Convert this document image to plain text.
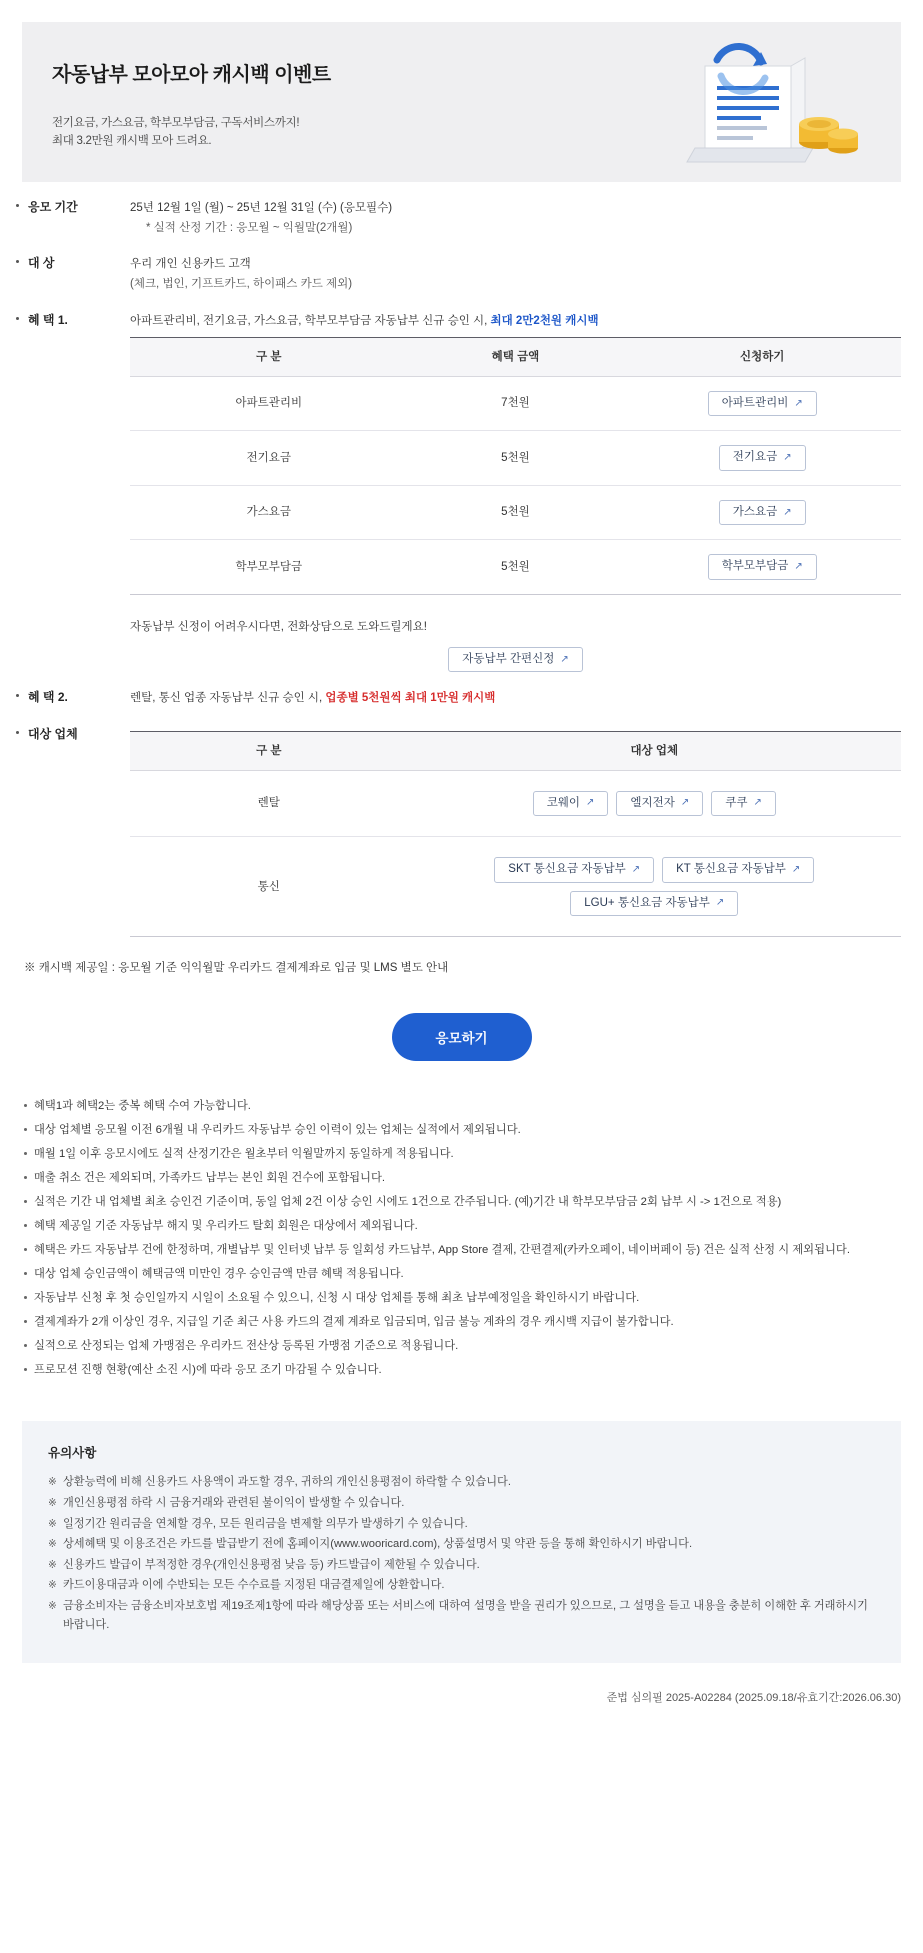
자동납부 모아모아 캐시백 이벤트
전기요금, 가스요금, 학부모부담금, 구독서비스까지!
최대 3.2만원 캐시백 모아 드려요.
응모 기간	25년 12월 1일 (월) ~ 25년 12월 31일 (수) (응모필수)
* 실적 산정 기간 : 응모월 ~ 익월말(2개월)
대 상	우리 개인 신용카드 고객
(체크, 법인, 기프트카드, 하이패스 카드 제외)
혜 택 1.	아파트관리비, 전기요금, 가스요금, 학부모부담금 자동납부 신규 승인 시, 최대 2만2천원 캐시백
구 분	혜택 금액	신청하기
아파트관리비	7천원	아파트관리비 ↗

전기요금	5천원	전기요금 ↗

가스요금	5천원	가스요금 ↗

학부모부담금	5천원	학부모부담금 ↗
자동납부 신정이 어려우시다면, 전화상담으로 도와드릴게요!
자동납부 간편신정 ↗
혜 택 2.	렌탈, 통신 업종 자동납부 신규 승인 시, 업종별 5천원씩 최대 1만원 캐시백
대상 업체
구 분	대상 업체
렌탈	코웨이 ↗	엘지전자 ↗	쿠쿠 ↗

통신	
SKT 통신요금 자동납부 ↗	KT 통신요금 자동납부 ↗
LGU+ 통신요금 자동납부 ↗
※ 캐시백 제공일 : 응모월 기준 익익월말 우리카드 결제계좌로 입금 및 LMS 별도 안내
응모하기
혜택1과 혜택2는 중복 혜택 수여 가능합니다.
대상 업체별 응모월 이전 6개월 내 우리카드 자동납부 승인 이력이 있는 업체는 실적에서 제외됩니다.
매월 1일 이후 응모시에도 실적 산정기간은 월초부터 익월말까지 동일하게 적용됩니다.
매출 취소 건은 제외되며, 가족카드 납부는 본인 회원 건수에 포함됩니다.
실적은 기간 내 업체별 최초 승인건 기준이며, 동일 업체 2건 이상 승인 시에도 1건으로 간주됩니다. (예)기간 내 학부모부담금 2회 납부 시 -> 1건으로 적용)
혜택 제공일 기준 자동납부 해지 및 우리카드 탈회 회원은 대상에서 제외됩니다.
혜택은 카드 자동납부 건에 한정하며, 개별납부 및 인터넷 납부 등 일회성 카드납부, App Store 결제, 간편결제(카카오페이, 네이버페이 등) 건은 실적 산정 시 제외됩니다.
대상 업체 승인금액이 혜택금액 미만인 경우 승인금액 만큼 혜택 적용됩니다.
자동납부 신청 후 첫 승인일까지 시일이 소요될 수 있으니, 신청 시 대상 업체를 통해 최초 납부예정일을 확인하시기 바랍니다.
결제계좌가 2개 이상인 경우, 지급일 기준 최근 사용 카드의 결제 계좌로 입금되며, 입금 불능 계좌의 경우 캐시백 지급이 불가합니다.
실적으로 산정되는 업체 가맹점은 우리카드 전산상 등록된 가맹점 기준으로 적용됩니다.
프로모션 진행 현황(예산 소진 시)에 따라 응모 조기 마감될 수 있습니다.
유의사항
※ 상환능력에 비해 신용카드 사용액이 과도할 경우, 귀하의 개인신용평점이 하락할 수 있습니다.
※ 개인신용평점 하락 시 금융거래와 관련된 불이익이 발생할 수 있습니다.
※ 일정기간 원리금을 연체할 경우, 모든 원리금을 변제할 의무가 발생하기 수 있습니다.
※ 상세혜택 및 이용조건은 카드를 발급받기 전에 홈페이지(www.wooricard.com), 상품설명서 및 약관 등을 통해 확인하시기 바랍니다.
※ 신용카드 발급이 부적정한 경우(개인신용평점 낮음 등) 카드발급이 제한될 수 있습니다.
※ 카드이용대금과 이에 수반되는 모든 수수료를 지정된 대금결제일에 상환합니다.
※ 금융소비자는 금융소비자보호법 제19조제1항에 따라 해당상품 또는 서비스에 대하여 설명을 받을 권리가 있으므로, 그 설명을 듣고 내용을 충분히 이해한 후 거래하시기 바랍니다.
준법 심의필 2025-A02284 (2025.09.18/유효기간:2026.06.30)
